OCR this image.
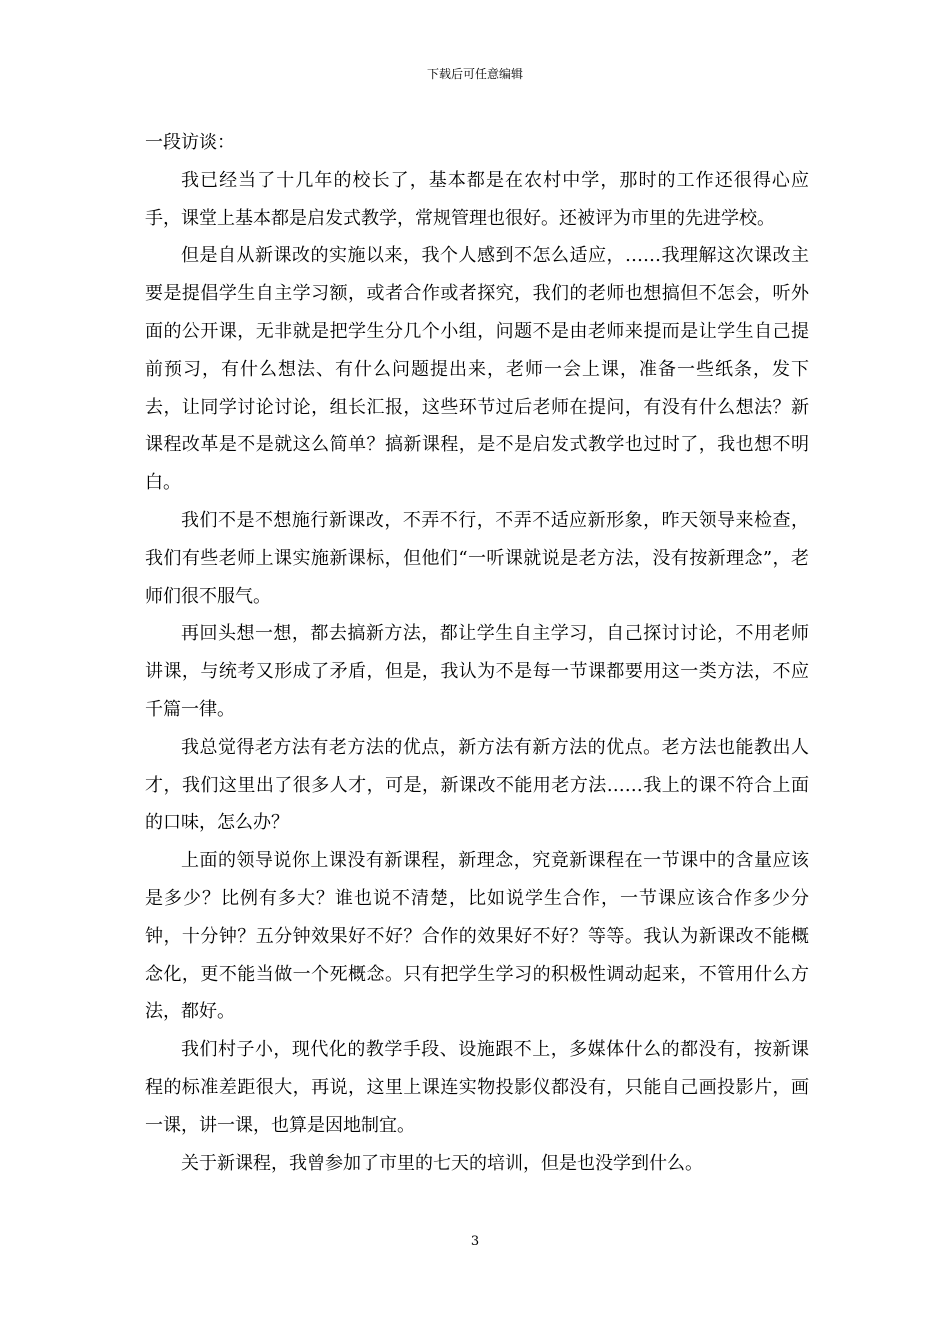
下载后可任意编辑

一段访谈：

我已经当了十几年的校长了，基本都是在农村中学，那时的工作还很得心应手，课堂上基本都是启发式教学，常规管理也很好。还被评为市里的先进学校。

但是自从新课改的实施以来，我个人感到不怎么适应，……我理解这次课改主要是提倡学生自主学习额，或者合作或者探究，我们的老师也想搞但不怎会，听外面的公开课，无非就是把学生分几个小组，问题不是由老师来提而是让学生自己提前预习，有什么想法、有什么问题提出来，老师一会上课，准备一些纸条，发下去，让同学讨论讨论，组长汇报，这些环节过后老师在提问，有没有什么想法？新课程改革是不是就这么简单？搞新课程，是不是启发式教学也过时了，我也想不明白。

我们不是不想施行新课改，不弄不行，不弄不适应新形象，昨天领导来检查，我们有些老师上课实施新课标，但他们“一听课就说是老方法，没有按新理念”，老师们很不服气。

再回头想一想，都去搞新方法，都让学生自主学习，自己探讨讨论，不用老师讲课，与统考又形成了矛盾，但是，我认为不是每一节课都要用这一类方法，不应千篇一律。

我总觉得老方法有老方法的优点，新方法有新方法的优点。老方法也能教出人才，我们这里出了很多人才，可是，新课改不能用老方法……我上的课不符合上面的口味，怎么办？

上面的领导说你上课没有新课程，新理念，究竟新课程在一节课中的含量应该是多少？比例有多大？谁也说不清楚，比如说学生合作，一节课应该合作多少分钟，十分钟？五分钟效果好不好？合作的效果好不好？等等。我认为新课改不能概念化，更不能当做一个死概念。只有把学生学习的积极性调动起来，不管用什么方法，都好。

我们村子小，现代化的教学手段、设施跟不上，多媒体什么的都没有，按新课程的标准差距很大，再说，这里上课连实物投影仪都没有，只能自己画投影片，画一课，讲一课，也算是因地制宜。

关于新课程，我曾参加了市里的七天的培训，但是也没学到什么。

3
